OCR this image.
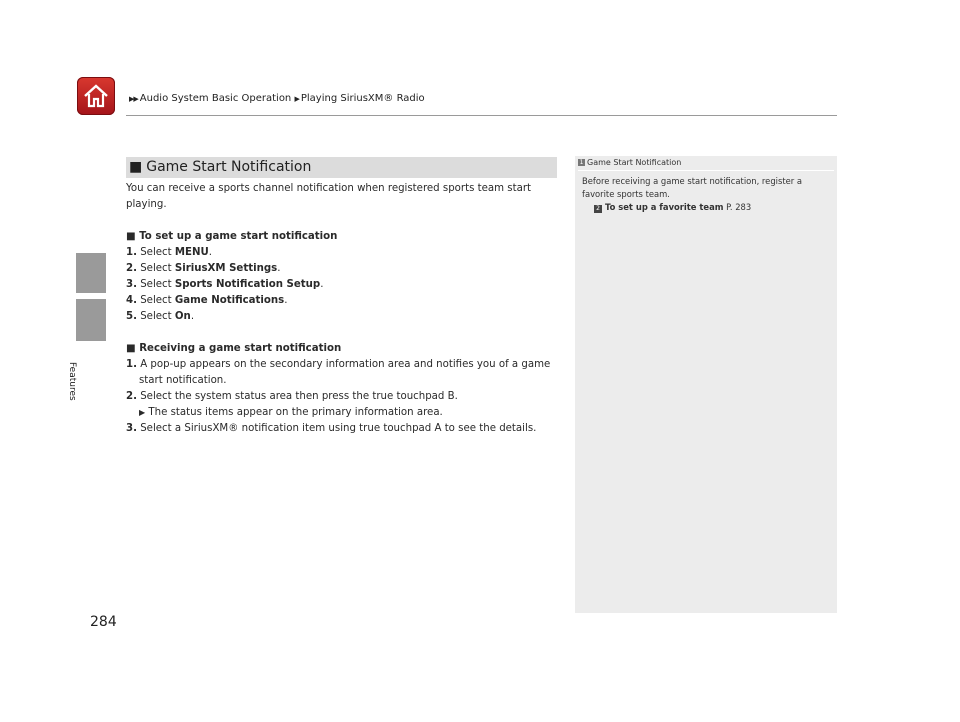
▶▶ Audio System Basic Operation ▶ Playing SiriusXM® Radio
Features
284
■ Game Start Notification

You can receive a sports channel notification when registered sports team start
playing.

■ To set up a game start notification

1. Select MENU.

2. Select SiriusXM Settings.

3. Select Sports Notification Setup.

4. Select Game Notifications.

5. Select On.

■ Receiving a game start notification

1. A pop-up appears on the secondary information area and notifies you of a game

start notification.

2. Select the system status area then press the true touchpad B.

▶ The status items appear on the primary information area.

3. Select a SiriusXM® notification item using true touchpad A to see the details.

1 Game Start Notification

Before receiving a game start notification, register a
favorite sports team.

2 To set up a favorite team P. 283
